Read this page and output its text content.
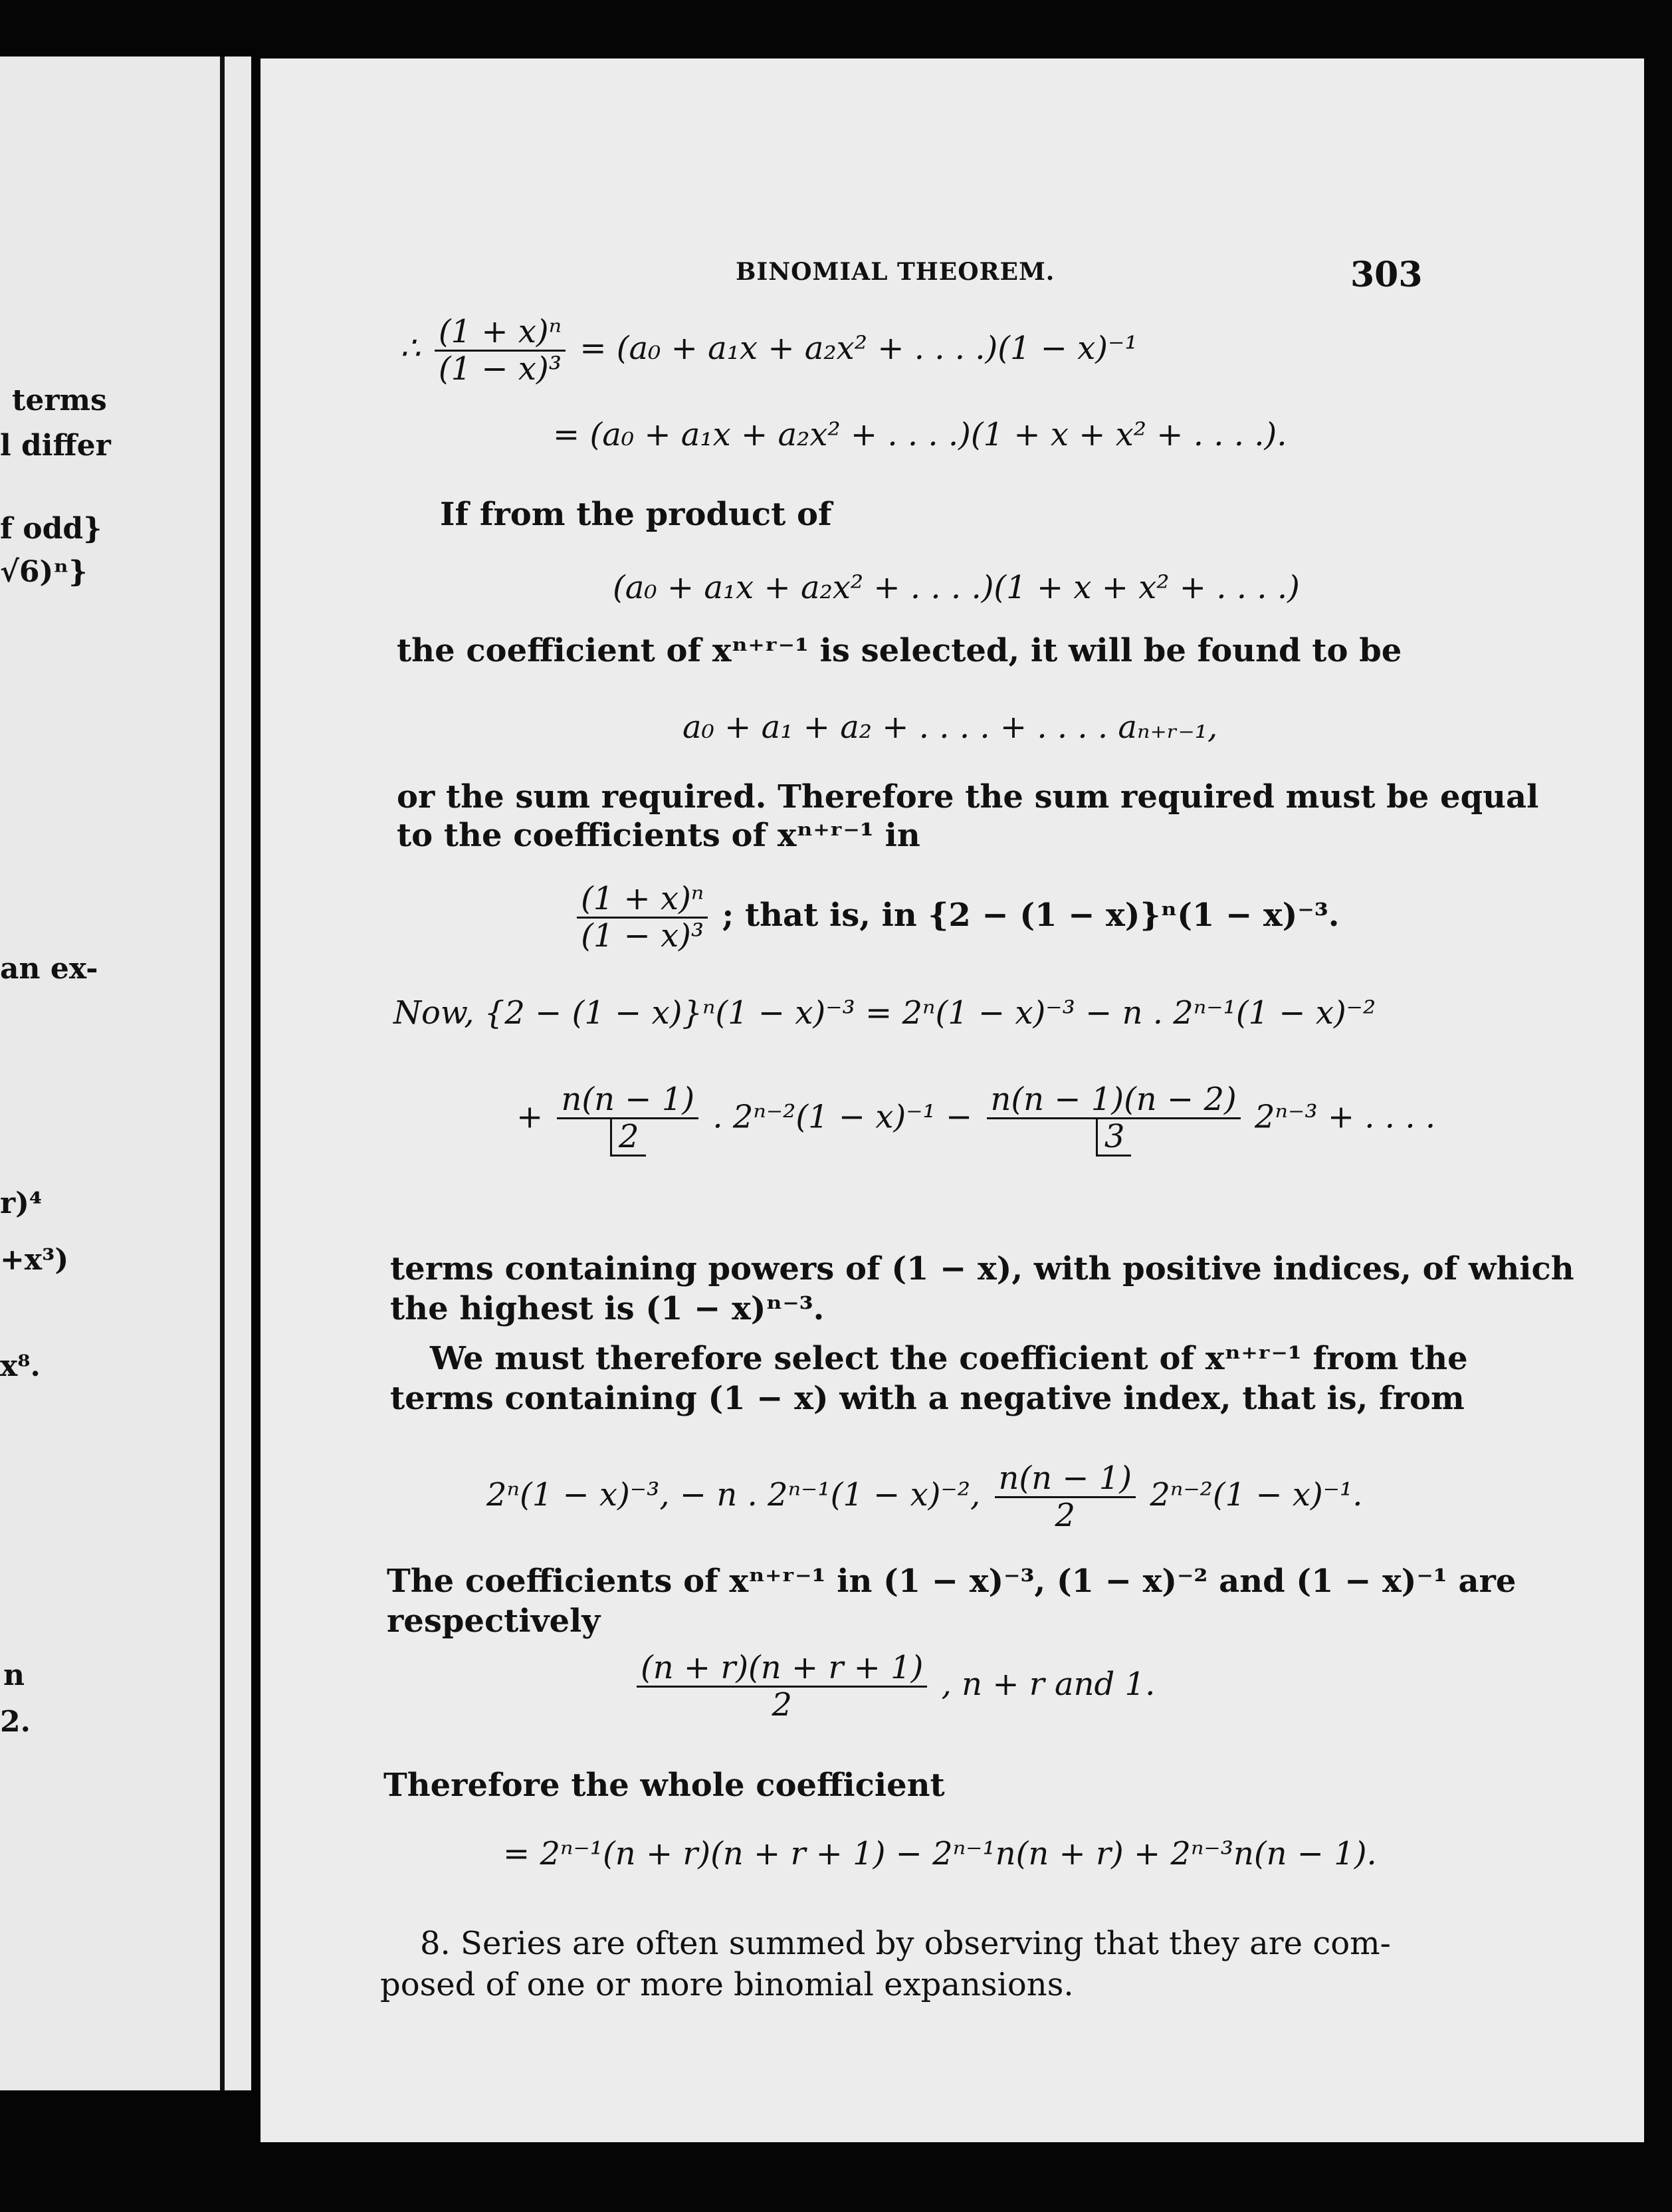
terms
l differ
f odd}
√6)ⁿ}
an ex-
r)⁴
+x³)
x⁸.
n
2.
BINOMIAL THEOREM.	303
∴ $\frac{\text{(1 + x)ⁿ}}{\text{(1 − x)³}} = (a_0 + a_1x + a_2x^2$ + . . . .)(1 − x)⁻¹
= (a₀ + a₁x + a₂x² + . . . .)(1 + x + x² + . . . .).
If from the product of
(a₀ + a₁x + a₂x² + . . . .)(1 + x + x² + . . . .)
the coefficient of xⁿ⁺ʳ⁻¹ is selected, it will be found to be
a₀ + a₁ + a₂ + . . . . + . . . . aₙ₊ᵣ₋₁,
or the sum required. Therefore the sum required must be equal
to the coefficients of xⁿ⁺ʳ⁻¹ in
$\frac{\text{(1 + x)ⁿ}}{\text{(1 − x)³}}$ ; that is, in {2 − (1 − x)}ⁿ(1 − x)⁻³.
Now, {2 − (1 − x)}ⁿ(1 − x)⁻³ = 2ⁿ(1 − x)⁻³ − n . 2ⁿ⁻¹(1 − x)⁻²
+ $\frac{n(n - 1)}{2}$ . $2^{n-2}(1 - x)^{-1} - \frac{n(n - 1)(n - 2)}{3} 2^{n-3}$ + . . . .
terms containing powers of (1 − x), with positive indices, of which
the highest is (1 − x)ⁿ⁻³.
We must therefore select the coefficient of xⁿ⁺ʳ⁻¹ from the
terms containing (1 − x) with a negative index, that is, from
2ⁿ(1 − x)⁻³, − n . 2ⁿ⁻¹(1 − x)⁻², $\frac{n(n - 1)}{2} 2^{n-2}(1 - x)^{-1}$.
The coefficients of xⁿ⁺ʳ⁻¹ in (1 − x)⁻³, (1 − x)⁻² and (1 − x)⁻¹ are
respectively
$\frac{(n + r)(n + r + 1)}{2}$ , n + r and 1.
Therefore the whole coefficient
= 2ⁿ⁻¹(n + r)(n + r + 1) − 2ⁿ⁻¹n(n + r) + 2ⁿ⁻³n(n − 1).
8. Series are often summed by observing that they are com-
posed of one or more binomial expansions.
